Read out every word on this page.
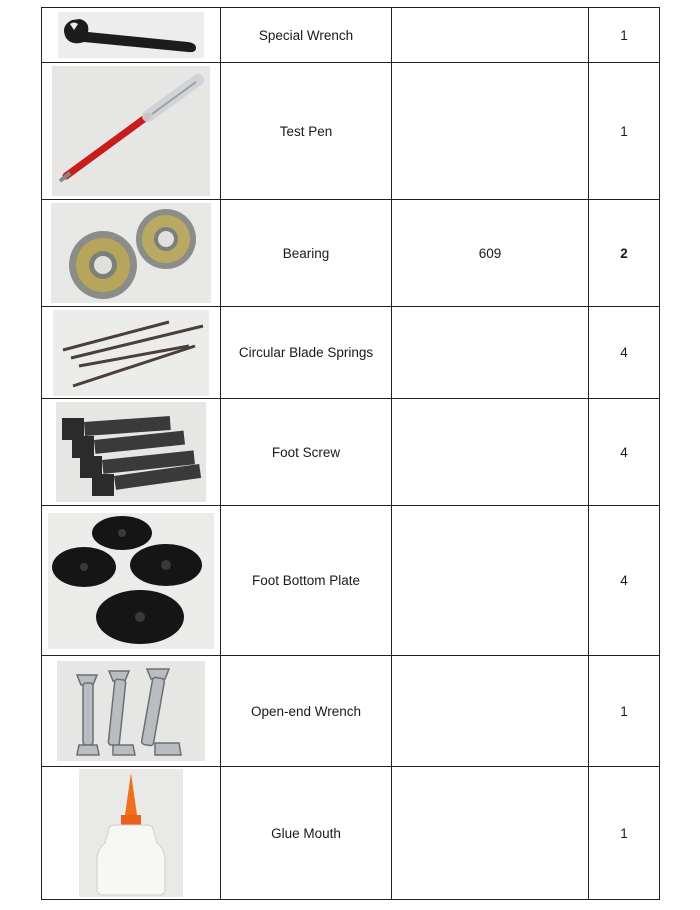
	Special Wrench		1

	Test Pen		1

	Bearing	609	2

	Circular Blade Springs		4

	Foot Screw		4

	Foot Bottom Plate		4

	Open-end Wrench		1

	Glue Mouth		1
